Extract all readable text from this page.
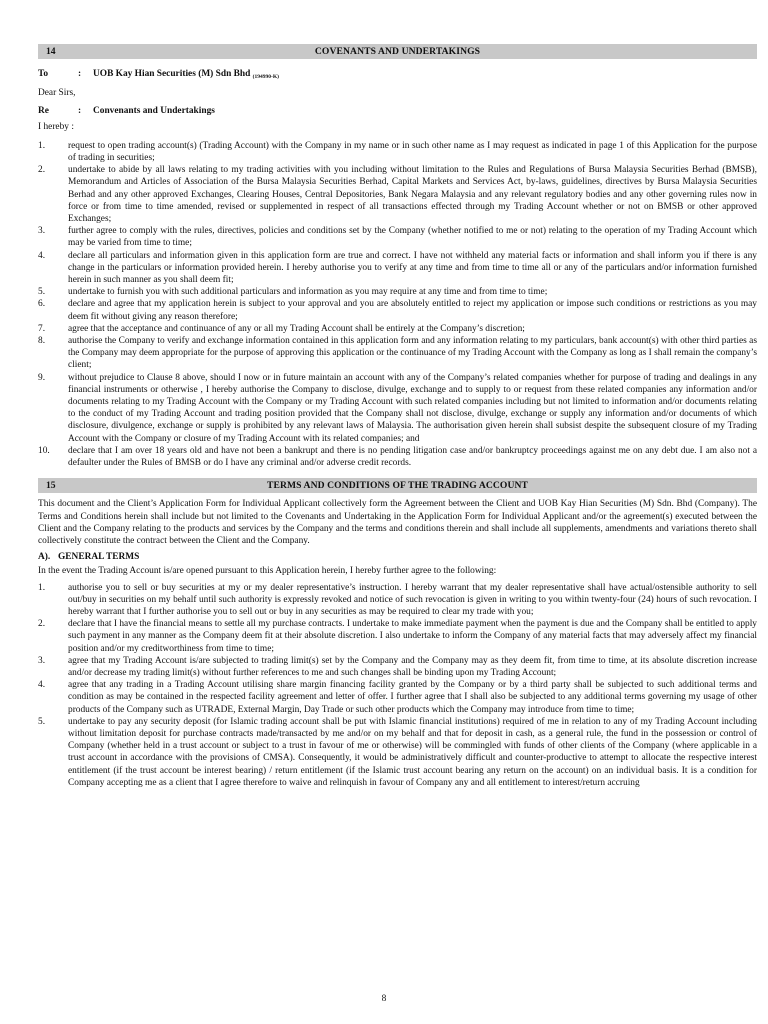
14	COVENANTS AND UNDERTAKINGS
To	: UOB Kay Hian Securities (M) Sdn Bhd $_{(194990-K)}$
Dear Sirs,
Re	: Convenants and Undertakings
I hereby :
1.	request to open trading account(s) (Trading Account) with the Company in my name or in such other name as I may request as indicated in page 1 of this Application for the purpose of trading in securities;
2.	undertake to abide by all laws relating to my trading activities with you including without limitation to the Rules and Regulations of Bursa Malaysia Securities Berhad (BMSB), Memorandum and Articles of Association of the Bursa Malaysia Securities Berhad, Capital Markets and Services Act, by-laws, guidelines, directives by Bursa Malaysia Securities Berhad and any other approved Exchanges, Clearing Houses, Central Depositories, Bank Negara Malaysia and any relevant regulatory bodies and any other governing rules now in force or from time to time amended, revised or supplemented in respect of all transactions effected through my Trading Account whether or not on BMSB or other approved Exchanges;
3.	further agree to comply with the rules, directives, policies and conditions set by the Company (whether notified to me or not) relating to the operation of my Trading Account which may be varied from time to time;
4.	declare all particulars and information given in this application form are true and correct. I have not withheld any material facts or information and shall inform you if there is any change in the particulars or information provided herein. I hereby authorise you to verify at any time and from time to time all or any of the particulars and/or information furnished herein in such manner as you shall deem fit;
5.	undertake to furnish you with such additional particulars and information as you may require at any time and from time to time;
6.	declare and agree that my application herein is subject to your approval and you are absolutely entitled to reject my application or impose such conditions or restrictions as you may deem fit without giving any reason therefore;
7.	agree that the acceptance and continuance of any or all my Trading Account shall be entirely at the Company’s discretion;
8.	authorise the Company to verify and exchange information contained in this application form and any information relating to my particulars, bank account(s) with other third parties as the Company may deem appropriate for the purpose of approving this application or the continuance of my Trading Account with the Company as long as I shall remain the company’s client;
9.	without prejudice to Clause 8 above, should I now or in future maintain an account with any of the Company’s related companies whether for purpose of trading and dealings in any financial instruments or otherwise , I hereby authorise the Company to disclose, divulge, exchange and to supply to or request from these related companies any information and/or documents relating to my Trading Account with the Company or my Trading Account with such related companies including but not limited to information and/or documents relating to the conduct of my Trading Account and trading position provided that the Company shall not disclose, divulge, exchange or supply any information and/or documents of which disclosure, divulgence, exchange or supply is prohibited by any relevant laws of Malaysia. The authorisation given herein shall subsist despite the subsequent closure of my Trading Account with the Company or closure of my Trading Account with its related companies; and
10.	declare that I am over 18 years old and have not been a bankrupt and there is no pending litigation case and/or bankruptcy proceedings against me on any debt due. I am also not a defaulter under the Rules of BMSB or do I have any criminal and/or adverse credit records.
15	TERMS AND CONDITIONS OF THE TRADING ACCOUNT
This document and the Client’s Application Form for Individual Applicant collectively form the Agreement between the Client and UOB Kay Hian Securities (M) Sdn. Bhd (Company). The Terms and Conditions herein shall include but not limited to the Covenants and Undertaking in the Application Form for Individual Applicant and/or the agreement(s) executed between the Client and the Company relating to the products and services by the Company and the terms and conditions therein and shall include all supplements, amendments and variations thereto shall collectively constitute the contract between the Client and the Company.
A). GENERAL TERMS
In the event the Trading Account is/are opened pursuant to this Application herein, I hereby further agree to the following:
1.	authorise you to sell or buy securities at my or my dealer representative’s instruction. I hereby warrant that my dealer representative shall have actual/ostensible authority to sell out/buy in securities on my behalf until such authority is expressly revoked and notice of such revocation is given in writing to you within twenty-four (24) hours of such revocation. I hereby warrant that I further authorise you to sell out or buy in any securities as may be required to clear my trade with you;
2.	declare that I have the financial means to settle all my purchase contracts. I undertake to make immediate payment when the payment is due and the Company shall be entitled to apply such payment in any manner as the Company deem fit at their absolute discretion. I also undertake to inform the Company of any material facts that may adversely affect my financial position and/or my creditworthiness from time to time;
3.	agree that my Trading Account is/are subjected to trading limit(s) set by the Company and the Company may as they deem fit, from time to time, at its absolute discretion increase and/or decrease my trading limit(s) without further references to me and such changes shall be binding upon my Trading Account;
4.	agree that any trading in a Trading Account utilising share margin financing facility granted by the Company or by a third party shall be subjected to such additional terms and condition as may be contained in the respected facility agreement and letter of offer. I further agree that I shall also be subjected to any additional terms governing my usage of other products of the Company such as UTRADE, External Margin, Day Trade or such other products which the Company may introduce from time to time;
5.	undertake to pay any security deposit (for Islamic trading account shall be put with Islamic financial institutions) required of me in relation to any of my Trading Account including without limitation deposit for purchase contracts made/transacted by me and/or on my behalf and that for deposit in cash, as a general rule, the fund in the possession or control of Company (whether held in a trust account or subject to a trust in favour of me or otherwise) will be commingled with funds of other clients of the Company (where applicable in a trust account in accordance with the provisions of CMSA). Consequently, it would be administratively difficult and counter-productive to attempt to allocate the respective interest entitlement (if the trust account be interest bearing) / return entitlement (if the Islamic trust account bearing any return on the account) on an individual basis. It is a condition for Company accepting me as a client that I agree therefore to waive and relinquish in favour of Company any and all entitlement to interest/return accruing
8
